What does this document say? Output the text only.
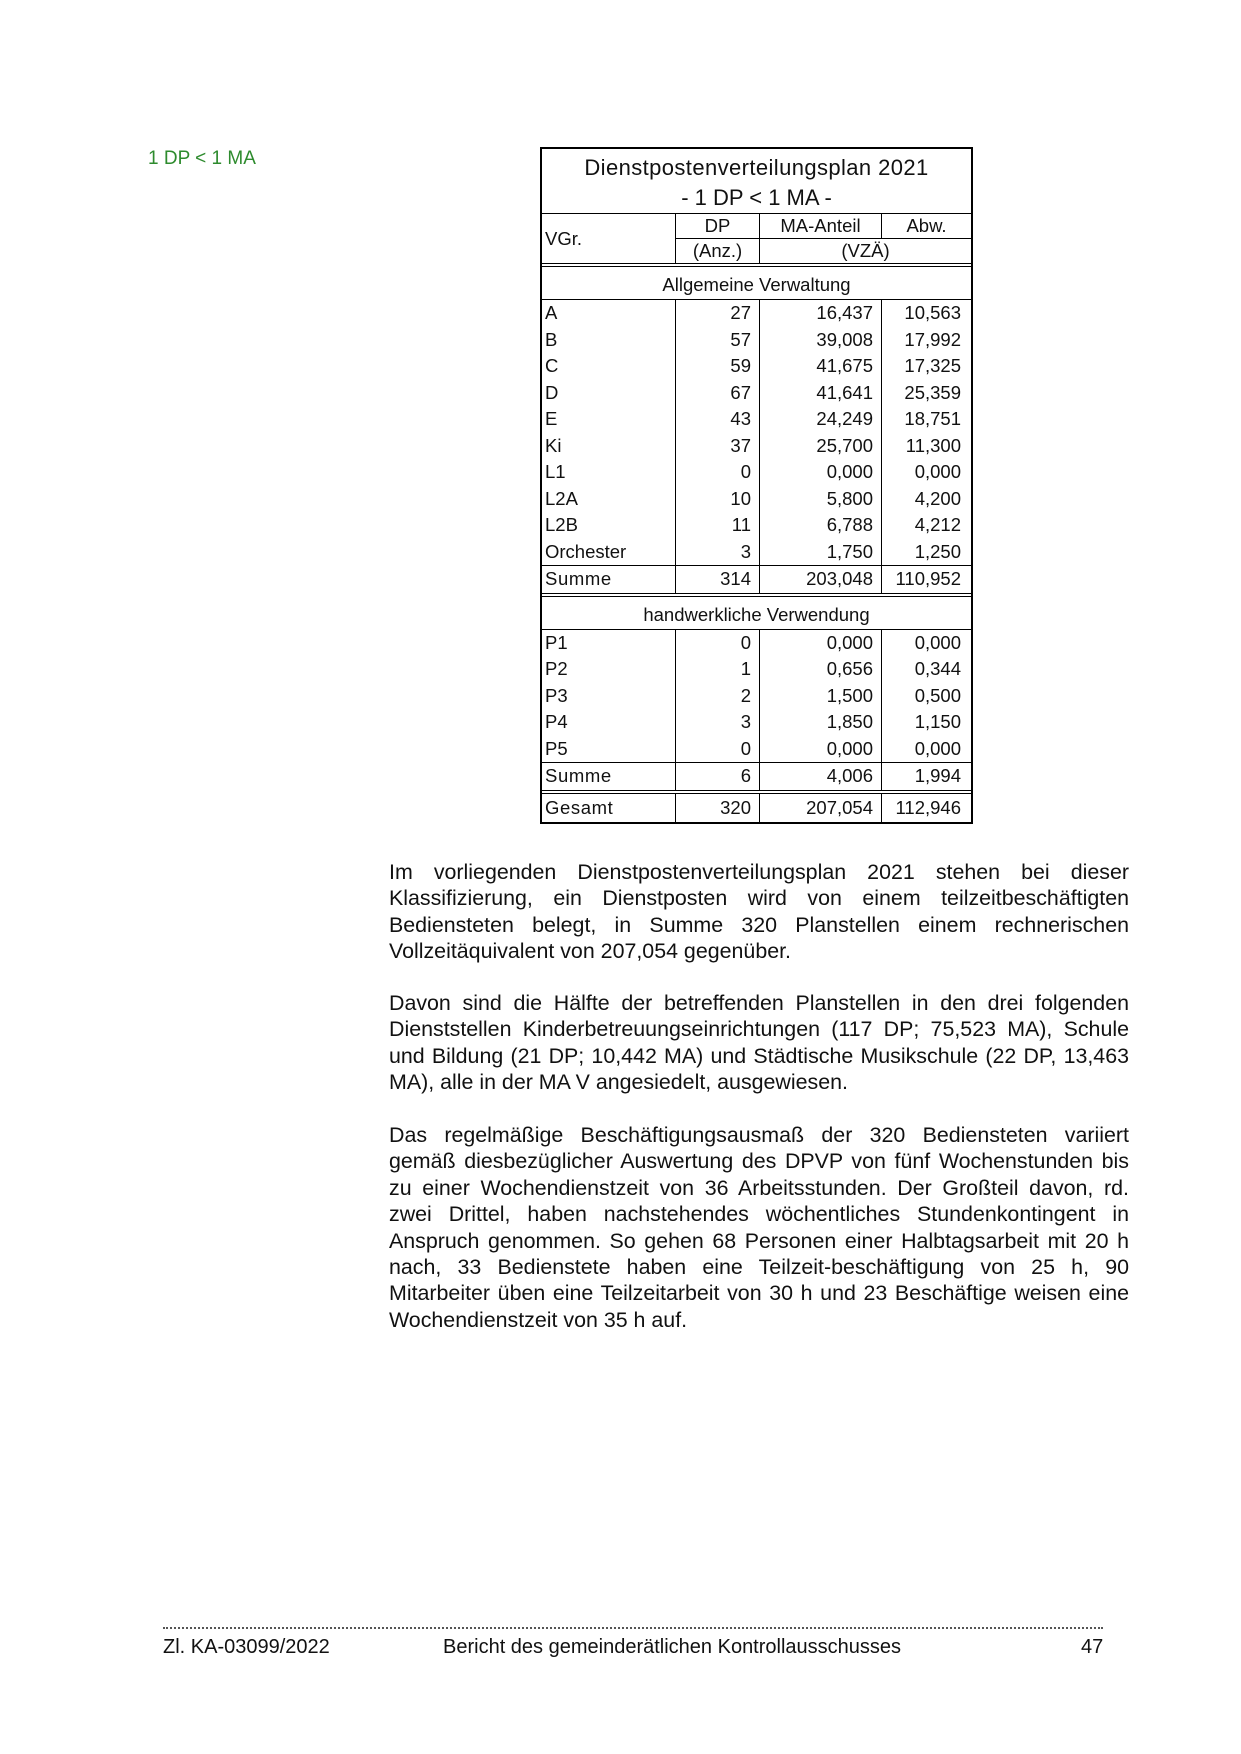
1 DP < 1 MA	Dienstpostenverteilungsplan 2021
- 1 DP < 1 MA -
VGr.
DP	MA-Anteil	Abw.
(Anz.)	(VZÄ)
Allgemeine Verwaltung
A	27	16,437	10,563
B	57	39,008	17,992
C	59	41,675	17,325
D	67	41,641	25,359
E	43	24,249	18,751
Ki	37	25,700	11,300
L1	0	0,000	0,000
L2A	10	5,800	4,200
L2B	11	6,788	4,212
Orchester	3	1,750	1,250
Summe	314	203,048	110,952
handwerkliche Verwendung
P1	0	0,000	0,000
P2	1	0,656	0,344
P3	2	1,500	0,500
P4	3	1,850	1,150
P5	0	0,000	0,000
Summe	6	4,006	1,994
Gesamt	320	207,054	112,946
Im vorliegenden Dienstpostenverteilungsplan 2021 stehen bei dieser Klassifizierung, ein Dienstposten wird von einem teilzeitbeschäftigten Bediensteten belegt, in Summe 320 Planstellen einem rechnerischen Vollzeitäquivalent von 207,054 gegenüber.
Davon sind die Hälfte der betreffenden Planstellen in den drei folgenden Dienststellen Kinderbetreuungseinrichtungen (117 DP; 75,523 MA), Schule und Bildung (21 DP; 10,442 MA) und Städtische Musikschule (22 DP, 13,463 MA), alle in der MA V angesiedelt, ausgewiesen.
Das regelmäßige Beschäftigungsausmaß der 320 Bediensteten variiert gemäß diesbezüglicher Auswertung des DPVP von fünf Wochenstunden bis zu einer Wochendienstzeit von 36 Arbeitsstunden. Der Großteil davon, rd. zwei Drittel, haben nachstehendes wöchentliches Stundenkontingent in Anspruch genommen. So gehen 68 Personen einer Halbtagsarbeit mit 20 h nach, 33 Bedienstete haben eine Teilzeit-beschäftigung von 25 h, 90 Mitarbeiter üben eine Teilzeitarbeit von 30 h und 23 Beschäftige weisen eine Wochendienstzeit von 35 h auf.
Zl. KA-03099/2022	Bericht des gemeinderätlichen Kontrollausschusses	47
